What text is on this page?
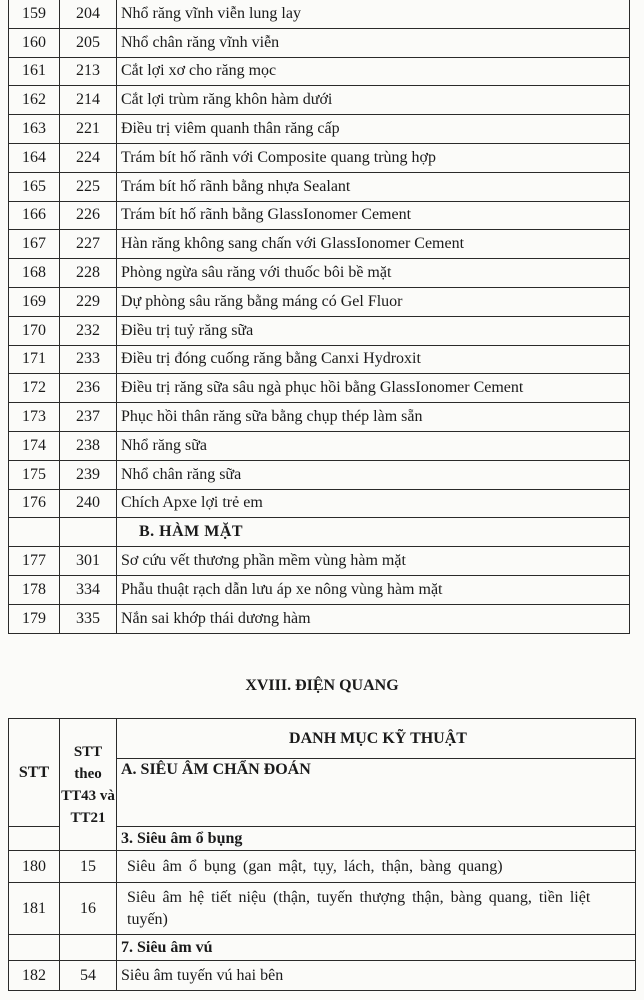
159	204	Nhổ răng vĩnh viễn lung lay
160	205	Nhổ chân răng vĩnh viễn
161	213	Cắt lợi xơ cho răng mọc
162	214	Cắt lợi trùm răng khôn hàm dưới
163	221	Điều trị viêm quanh thân răng cấp
164	224	Trám bít hố rãnh với Composite quang trùng hợp
165	225	Trám bít hố rãnh bằng nhựa Sealant
166	226	Trám bít hố rãnh bằng GlassIonomer Cement
167	227	Hàn răng không sang chấn với GlassIonomer Cement
168	228	Phòng ngừa sâu răng với thuốc bôi bề mặt
169	229	Dự phòng sâu răng bằng máng có Gel Fluor
170	232	Điều trị tuỷ răng sữa
171	233	Điều trị đóng cuống răng bằng Canxi Hydroxit
172	236	Điều trị răng sữa sâu ngà phục hồi bằng GlassIonomer Cement
173	237	Phục hồi thân răng sữa bằng chụp thép làm sẵn
174	238	Nhổ răng sữa
175	239	Nhổ chân răng sữa
176	240	Chích Apxe lợi trẻ em
		B. HÀM MẶT
177	301	Sơ cứu vết thương phần mềm vùng hàm mặt
178	334	Phẫu thuật rạch dẫn lưu áp xe nông vùng hàm mặt
179	335	Nắn sai khớp thái dương hàm
XVIII. ĐIỆN QUANG
STT	STT theo TT43 và TT21	DANH MỤC KỸ THUẬT
		A. SIÊU ÂM CHẨN ĐOÁN
		3. Siêu âm ổ bụng
180	15	Siêu âm ổ bụng (gan mật, tụy, lách, thận, bàng quang)
181	16	Siêu âm hệ tiết niệu (thận, tuyến thượng thận, bàng quang, tiền liệt tuyến)
		7. Siêu âm vú
182	54	Siêu âm tuyến vú hai bên
